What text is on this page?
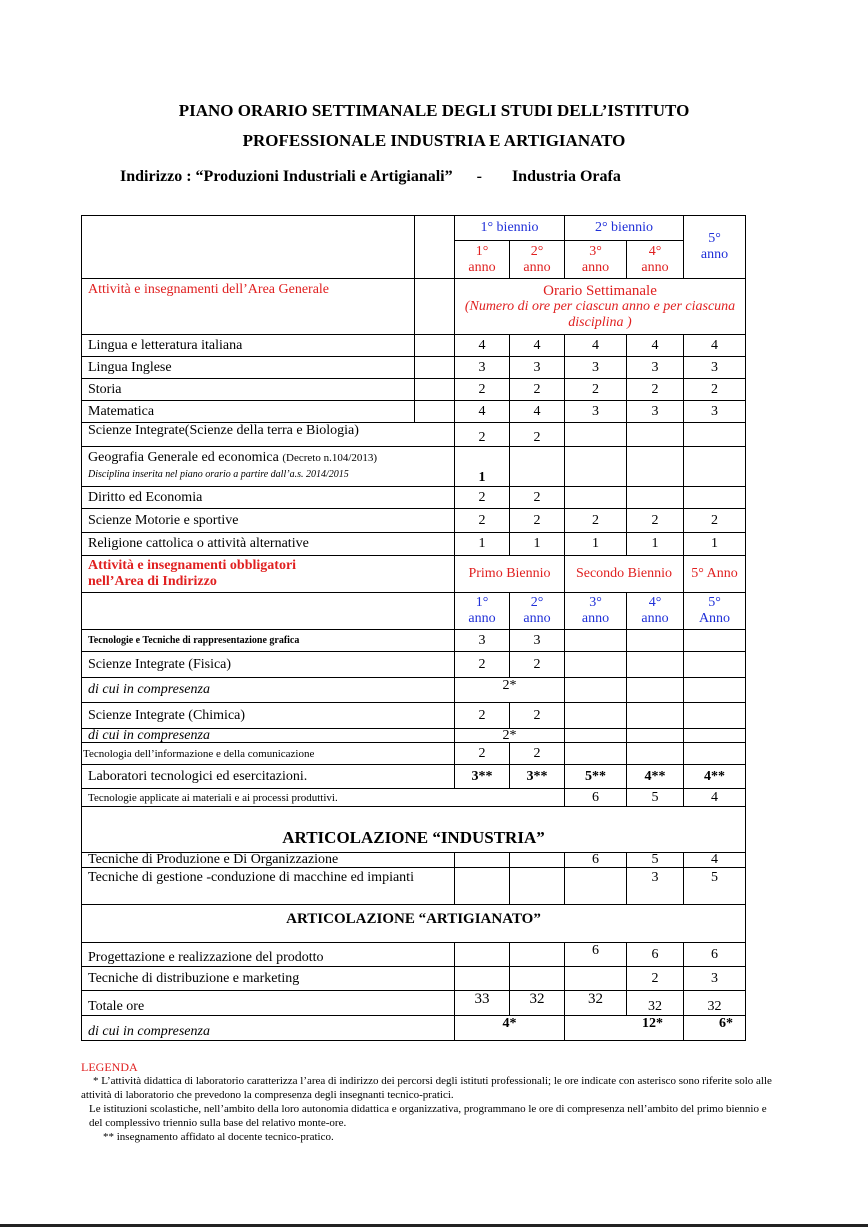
PIANO ORARIO SETTIMANALE DEGLI STUDI DELL’ISTITUTO
PROFESSIONALE INDUSTRIA E ARTIGIANATO
Indirizzo : “Produzioni Industriali e Artigianali” - Industria Orafa
		1° biennio		2° biennio		5°
anno
		1°
anno	2°
anno	3°
anno	4°
anno	
Attività e insegnamenti dell’Area Generale		Orario Settimanale
(Numero di ore per ciascun anno e per ciascuna disciplina )				

Lingua e letteratura italiana		4	4	4	4	4
Lingua Inglese		3	3	3	3	3
Storia		2	2	2	2	2
Matematica		4	4	3	3	3
Scienze Integrate(Scienze della terra e Biologia)		2	2			
Geografia Generale ed economica (Decreto n.104/2013)
Disciplina inserita nel piano orario a partire dall’a.s. 2014/2015		1				
Diritto ed Economia		2	2			
Scienze Motorie e sportive		2	2	2	2	2
Religione cattolica o attività alternative		1	1	1	1	1
Attività e insegnamenti obbligatori
nell’Area di Indirizzo		Primo Biennio		Secondo Biennio		5° Anno
		1°
anno	2°
anno	3°
anno	4°
anno	5°
Anno
Tecnologie e Tecniche di rappresentazione grafica		3	3			
Scienze Integrate (Fisica)		2	2			
di cui in compresenza		2*				
Scienze Integrate (Chimica)		2	2			
di cui in compresenza		2*				
Tecnologia dell’informazione e della comunicazione		2	2			
Laboratori tecnologici ed esercitazioni.		3**	3**	5**	4**	4**
Tecnologie applicate ai materiali e ai processi produttivi.				6	5	4
ARTICOLAZIONE “INDUSTRIA”						
Tecniche di Produzione e Di Organizzazione				6	5	4
Tecniche di gestione -conduzione di macchine ed impianti					3	5
ARTICOLAZIONE “ARTIGIANATO”						
Progettazione e realizzazione del prodotto				6	6	6
Tecniche di distribuzione e marketing					2	3
Totale ore		33	32	32	32	32
di cui in compresenza		4*		12*		6*
LEGENDA

* L’attività didattica di laboratorio caratterizza l’area di indirizzo dei percorsi degli istituti professionali; le ore indicate con asterisco sono riferite solo alle attività di laboratorio che prevedono la compresenza degli insegnanti tecnico-pratici.

Le istituzioni scolastiche, nell’ambito della loro autonomia didattica e organizzativa, programmano le ore di compresenza nell’ambito del primo biennio e del complessivo triennio sulla base del relativo monte-ore.

** insegnamento affidato al docente tecnico-pratico.
